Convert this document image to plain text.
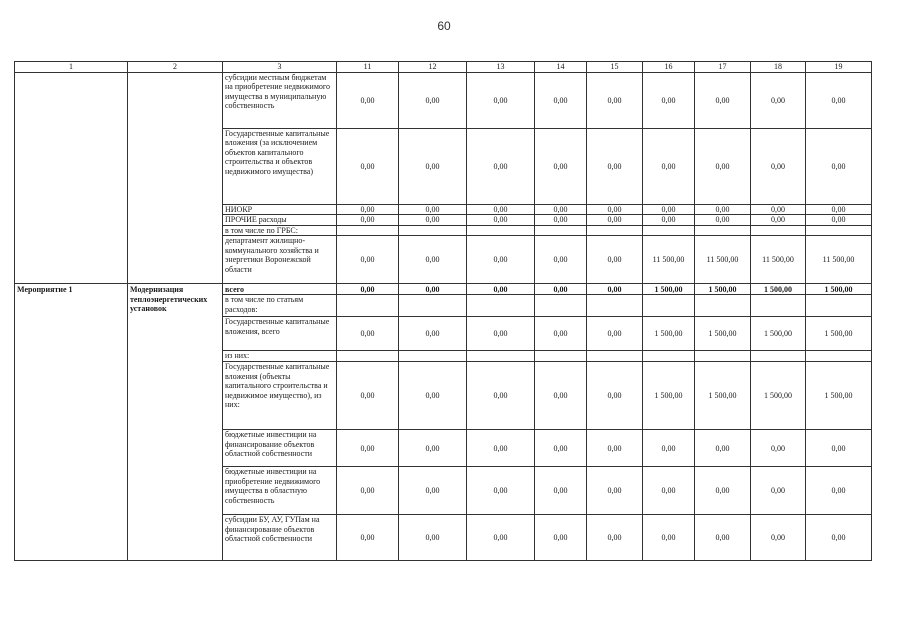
60
1	2	3	11	12	13	14	15	16	17	18	19
		субсидии местным бюджетам на приобретение недвижимого имущества в муниципальную собственность	0,00	0,00	0,00	0,00	0,00	0,00	0,00	0,00	0,00
		Государственные капитальные вложения (за исключением объектов капитального строительства и объектов недвижимого имущества)	0,00	0,00	0,00	0,00	0,00	0,00	0,00	0,00	0,00
		НИОКР	0,00	0,00	0,00	0,00	0,00	0,00	0,00	0,00	0,00
		ПРОЧИЕ расходы	0,00	0,00	0,00	0,00	0,00	0,00	0,00	0,00	0,00
		в том числе по ГРБС:									
		департамент жилищно-коммунального хозяйства и энергетики Воронежской области	0,00	0,00	0,00	0,00	0,00	11 500,00	11 500,00	11 500,00	11 500,00
Мероприятие 1	Модернизация теплоэнергетических установок	всего	0,00	0,00	0,00	0,00	0,00	1 500,00	1 500,00	1 500,00	1 500,00
		в том числе по статьям расходов:									
		Государственные капитальные вложения, всего	0,00	0,00	0,00	0,00	0,00	1 500,00	1 500,00	1 500,00	1 500,00
		из них:									
		Государственные капитальные вложения (объекты капитального строительства и недвижимое имущество), из них:	0,00	0,00	0,00	0,00	0,00	1 500,00	1 500,00	1 500,00	1 500,00
		бюджетные инвестиции на финансирование объектов областной собственности	0,00	0,00	0,00	0,00	0,00	0,00	0,00	0,00	0,00
		бюджетные инвестиции на приобретение недвижимого имущества в областную собственность	0,00	0,00	0,00	0,00	0,00	0,00	0,00	0,00	0,00
		субсидии БУ, АУ, ГУПам на финансирование объектов областной собственности	0,00	0,00	0,00	0,00	0,00	0,00	0,00	0,00	0,00
